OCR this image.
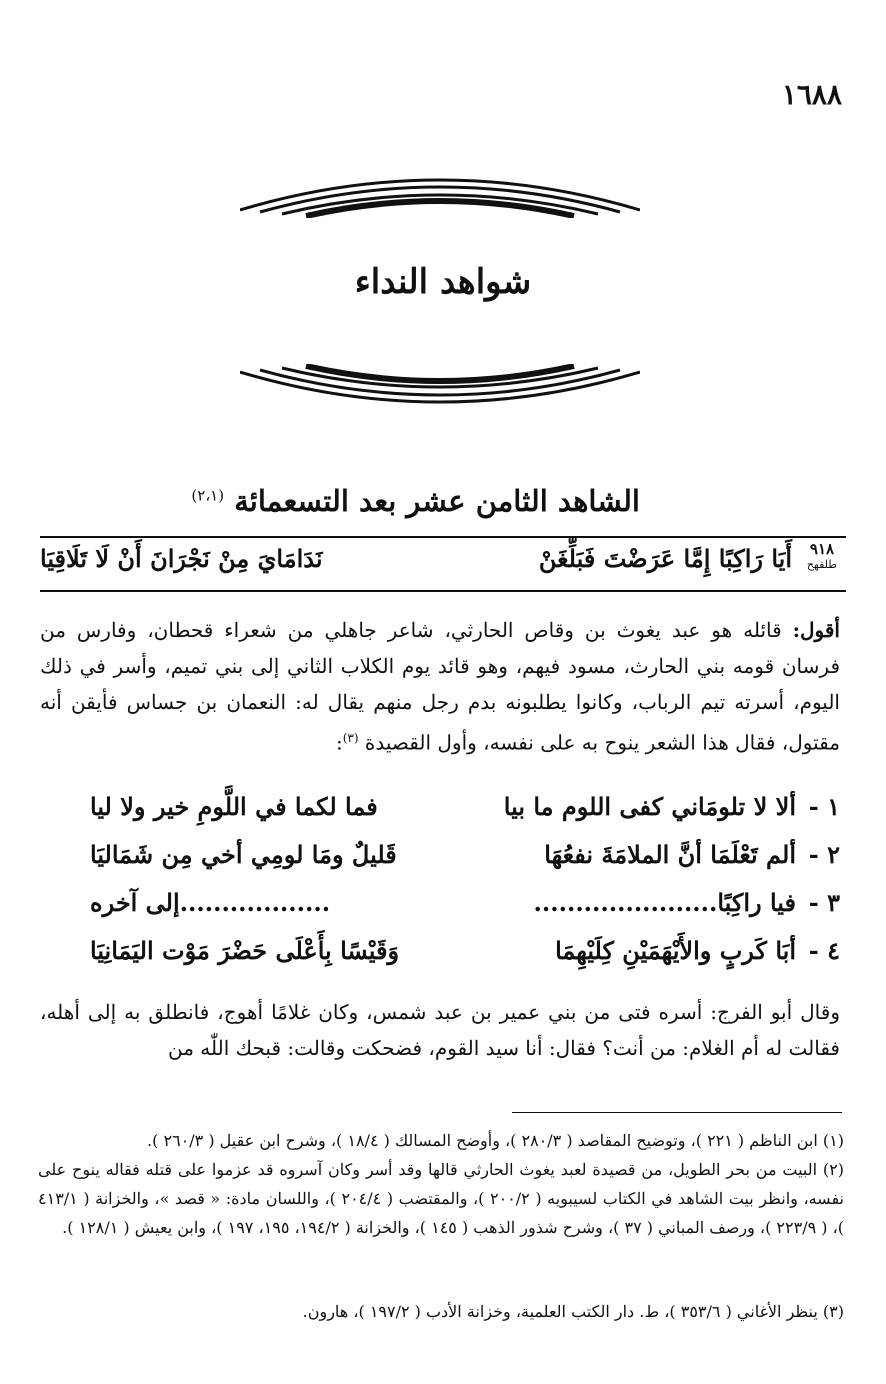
١٦٨٨
شواهد النداء
الشاهد الثامن عشر بعد التسعمائة $^{(٢،١)}$
٩١٨
طلقهح
أَيَا رَاكِبًا إِمَّا عَرَضْتَ فَبَلِّغَنْ
نَدَامَايَ مِنْ نَجْرَانَ أَنْ لَا تَلَاقِيَا
أقول: قائله هو عبد يغوث بن وقاص الحارثي، شاعر جاهلي من شعراء قحطان، وفارس من فرسان قومه بني الحارث، مسود فيهم، وهو قائد يوم الكلاب الثاني إلى بني تميم، وأسر في ذلك اليوم، أسرته تيم الرباب، وكانوا يطلبونه بدم رجل منهم يقال له: النعمان بن جساس فأيقن أنه مقتول، فقال هذا الشعر ينوح به على نفسه، وأول القصيدة $^{(٣)}$:
١ -
ألا لا تلومَاني كفى اللوم ما بيا
فما لكما في اللَّومِ خير ولا ليا
٢ -
ألم تَعْلَمَا أنَّ الملامَةَ نفعُهَا
قَليلٌ ومَا لومِي أخي مِن شَمَاليَا
٣ -
فيا راكِبًا......................
..................إلى آخره
٤ -
أبَا كَربٍ والأَيْهَمَيْنِ كِلَيْهِمَا
وَقَيْسًا بِأَعْلَى حَضْرَ مَوْت اليَمَانِيَا
وقال أبو الفرج: أسره فتى من بني عمير بن عبد شمس، وكان غلامًا أهوج، فانطلق به إلى أهله، فقالت له أم الغلام: من أنت؟ فقال: أنا سيد القوم، فضحكت وقالت: قبحك اللّٰه من
(١) ابن الناظم ( ٢٢١ )، وتوضيح المقاصد ( ٢٨٠/٣ )، وأوضح المسالك ( ١٨/٤ )، وشرح ابن عقيل ( ٢٦٠/٣ ).
(٢) البيت من بحر الطويل، من قصيدة لعبد يغوث الحارثي قالها وقد أسر وكان آسروه قد عزموا على قتله فقاله ينوح على نفسه، وانظر بيت الشاهد في الكتاب لسيبويه ( ٢٠٠/٢ )، والمقتضب ( ٢٠٤/٤ )، واللسان مادة: « قصد »، والخزانة ( ٤١٣/١ )، ( ٢٢٣/٩ )، ورصف المباني ( ٣٧ )، وشرح شذور الذهب ( ١٤٥ )، والخزانة ( ١٩٤/٢، ١٩٥، ١٩٧ )، وابن يعيش ( ١٢٨/١ ).
(٣) ينظر الأغاني ( ٣٥٣/٦ )، ط. دار الكتب العلمية، وخزانة الأدب ( ١٩٧/٢ )، هارون.
